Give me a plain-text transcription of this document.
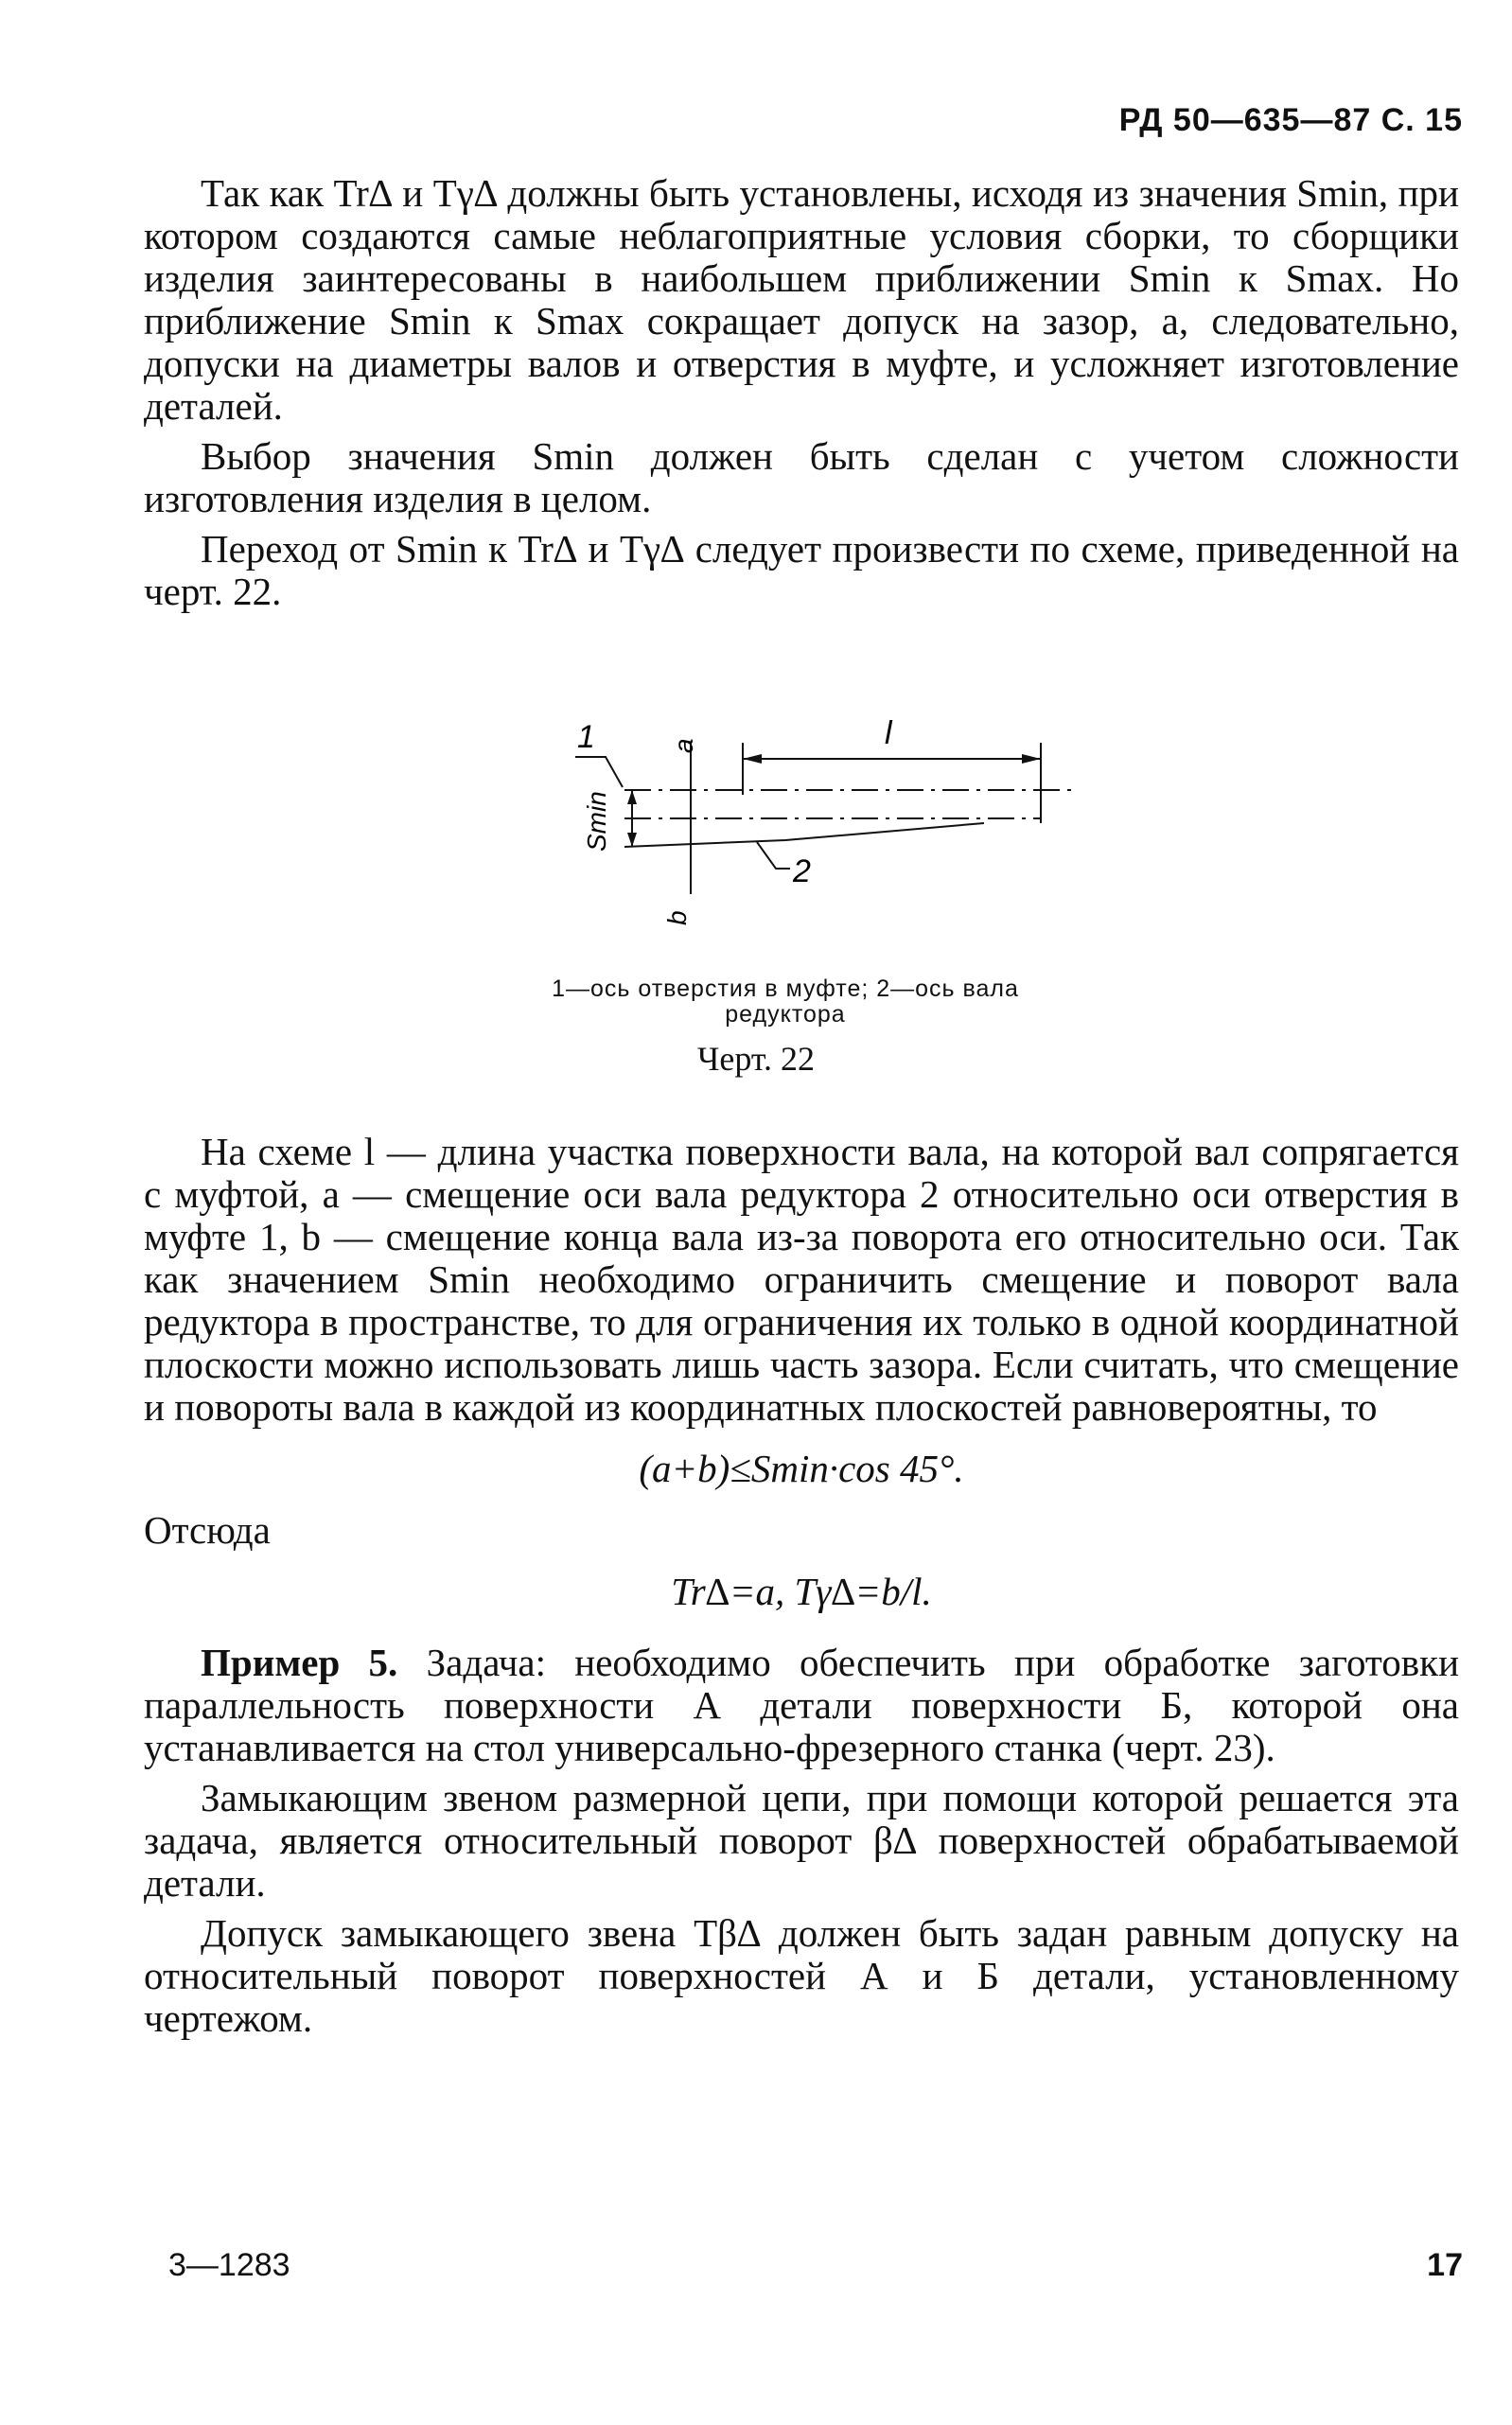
РД 50—635—87 С. 15

Так как Tr∆ и Tγ∆ должны быть установлены, исходя из значения Smin, при котором создаются самые неблагоприятные условия сборки, то сборщики изделия заинтересованы в наибольшем приближении Smin к Smax. Но приближение Smin к Smax сокращает допуск на зазор, а, следовательно, допуски на диаметры валов и отверстия в муфте, и усложняет изготовление деталей.

Выбор значения Smin должен быть сделан с учетом сложности изготовления изделия в целом.

Переход от Smin к Tr∆ и Tγ∆ следует произвести по схеме, приведенной на черт. 22.

1	a	l
Smin
2
b
1—ось отверстия в муфте; 2—ось вала редуктора
Черт. 22

На схеме l — длина участка поверхности вала, на которой вал сопрягается с муфтой, a — смещение оси вала редуктора 2 относительно оси отверстия в муфте 1, b — смещение конца вала из-за поворота его относительно оси. Так как значением Smin необходимо ограничить смещение и поворот вала редуктора в пространстве, то для ограничения их только в одной координатной плоскости можно использовать лишь часть зазора. Если считать, что смещение и повороты вала в каждой из координатных плоскостей равновероятны, то

(a+b)≤Smin·cos 45°.

Отсюда

Tr∆=a, Tγ∆=b/l.

Пример 5. Задача: необходимо обеспечить при обработке заготовки параллельность поверхности А детали поверхности Б, которой она устанавливается на стол универсально-фрезерного станка (черт. 23).

Замыкающим звеном размерной цепи, при помощи которой решается эта задача, является относительный поворот β∆ поверхностей обрабатываемой детали.

Допуск замыкающего звена Tβ∆ должен быть задан равным допуску на относительный поворот поверхностей А и Б детали, установленному чертежом.

3—1283	17
